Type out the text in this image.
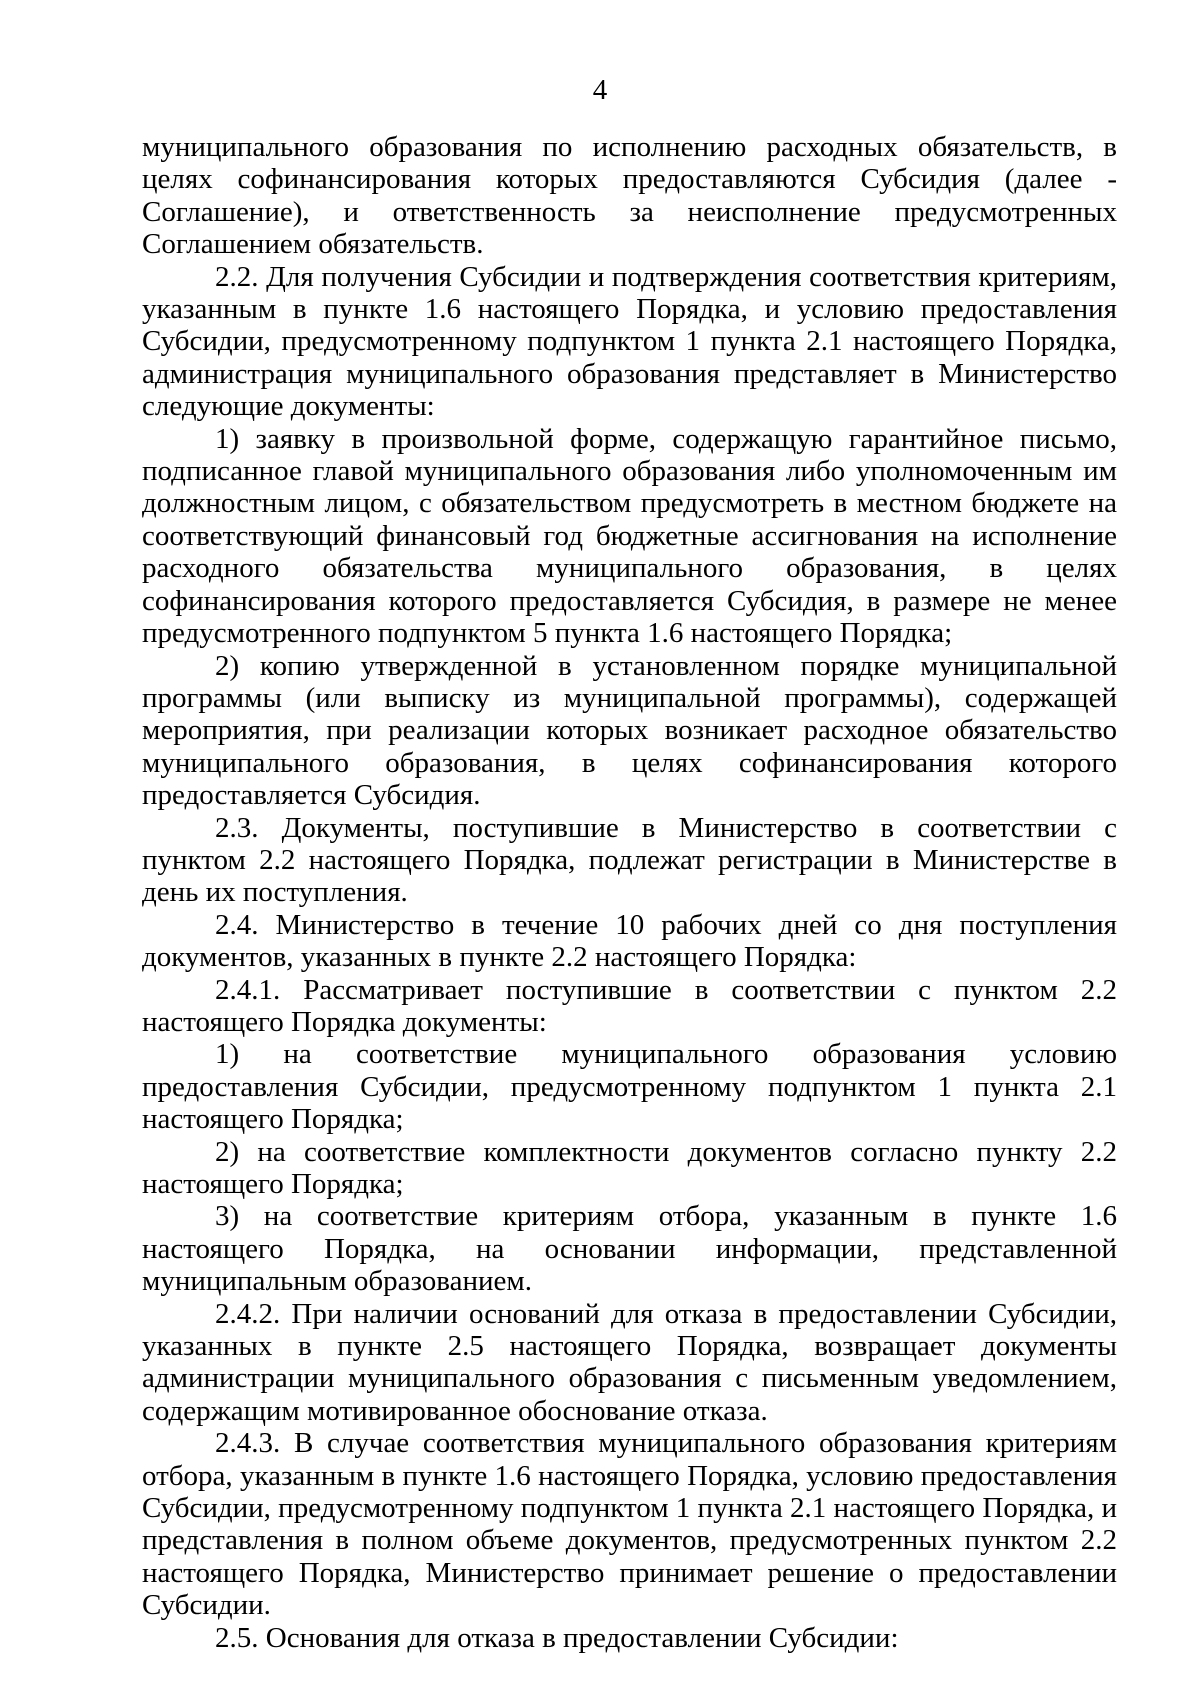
4

муниципального образования по исполнению расходных обязательств, в целях софинансирования которых предоставляются Субсидия (далее - Соглашение), и ответственность за неисполнение предусмотренных Соглашением обязательств.

2.2. Для получения Субсидии и подтверждения соответствия критериям, указанным в пункте 1.6 настоящего Порядка, и условию предоставления Субсидии, предусмотренному подпунктом 1 пункта 2.1 настоящего Порядка, администрация муниципального образования представляет в Министерство следующие документы:

1) заявку в произвольной форме, содержащую гарантийное письмо, подписанное главой муниципального образования либо уполномоченным им должностным лицом, с обязательством предусмотреть в местном бюджете на соответствующий финансовый год бюджетные ассигнования на исполнение расходного обязательства муниципального образования, в целях софинансирования которого предоставляется Субсидия, в размере не менее предусмотренного подпунктом 5 пункта 1.6 настоящего Порядка;

2) копию утвержденной в установленном порядке муниципальной программы (или выписку из муниципальной программы), содержащей мероприятия, при реализации которых возникает расходное обязательство муниципального образования, в целях софинансирования которого предоставляется Субсидия.

2.3. Документы, поступившие в Министерство в соответствии с пунктом 2.2 настоящего Порядка, подлежат регистрации в Министерстве в день их поступления.

2.4. Министерство в течение 10 рабочих дней со дня поступления документов, указанных в пункте 2.2 настоящего Порядка:

2.4.1. Рассматривает поступившие в соответствии с пунктом 2.2 настоящего Порядка документы:

1) на соответствие муниципального образования условию предоставления Субсидии, предусмотренному подпунктом 1 пункта 2.1 настоящего Порядка;

2) на соответствие комплектности документов согласно пункту 2.2 настоящего Порядка;

3) на соответствие критериям отбора, указанным в пункте 1.6 настоящего Порядка, на основании информации, представленной муниципальным образованием.

2.4.2. При наличии оснований для отказа в предоставлении Субсидии, указанных в пункте 2.5 настоящего Порядка, возвращает документы администрации муниципального образования с письменным уведомлением, содержащим мотивированное обоснование отказа.

2.4.3. В случае соответствия муниципального образования критериям отбора, указанным в пункте 1.6 настоящего Порядка, условию предоставления Субсидии, предусмотренному подпунктом 1 пункта 2.1 настоящего Порядка, и представления в полном объеме документов, предусмотренных пунктом 2.2 настоящего Порядка, Министерство принимает решение о предоставлении Субсидии.

2.5. Основания для отказа в предоставлении Субсидии:
